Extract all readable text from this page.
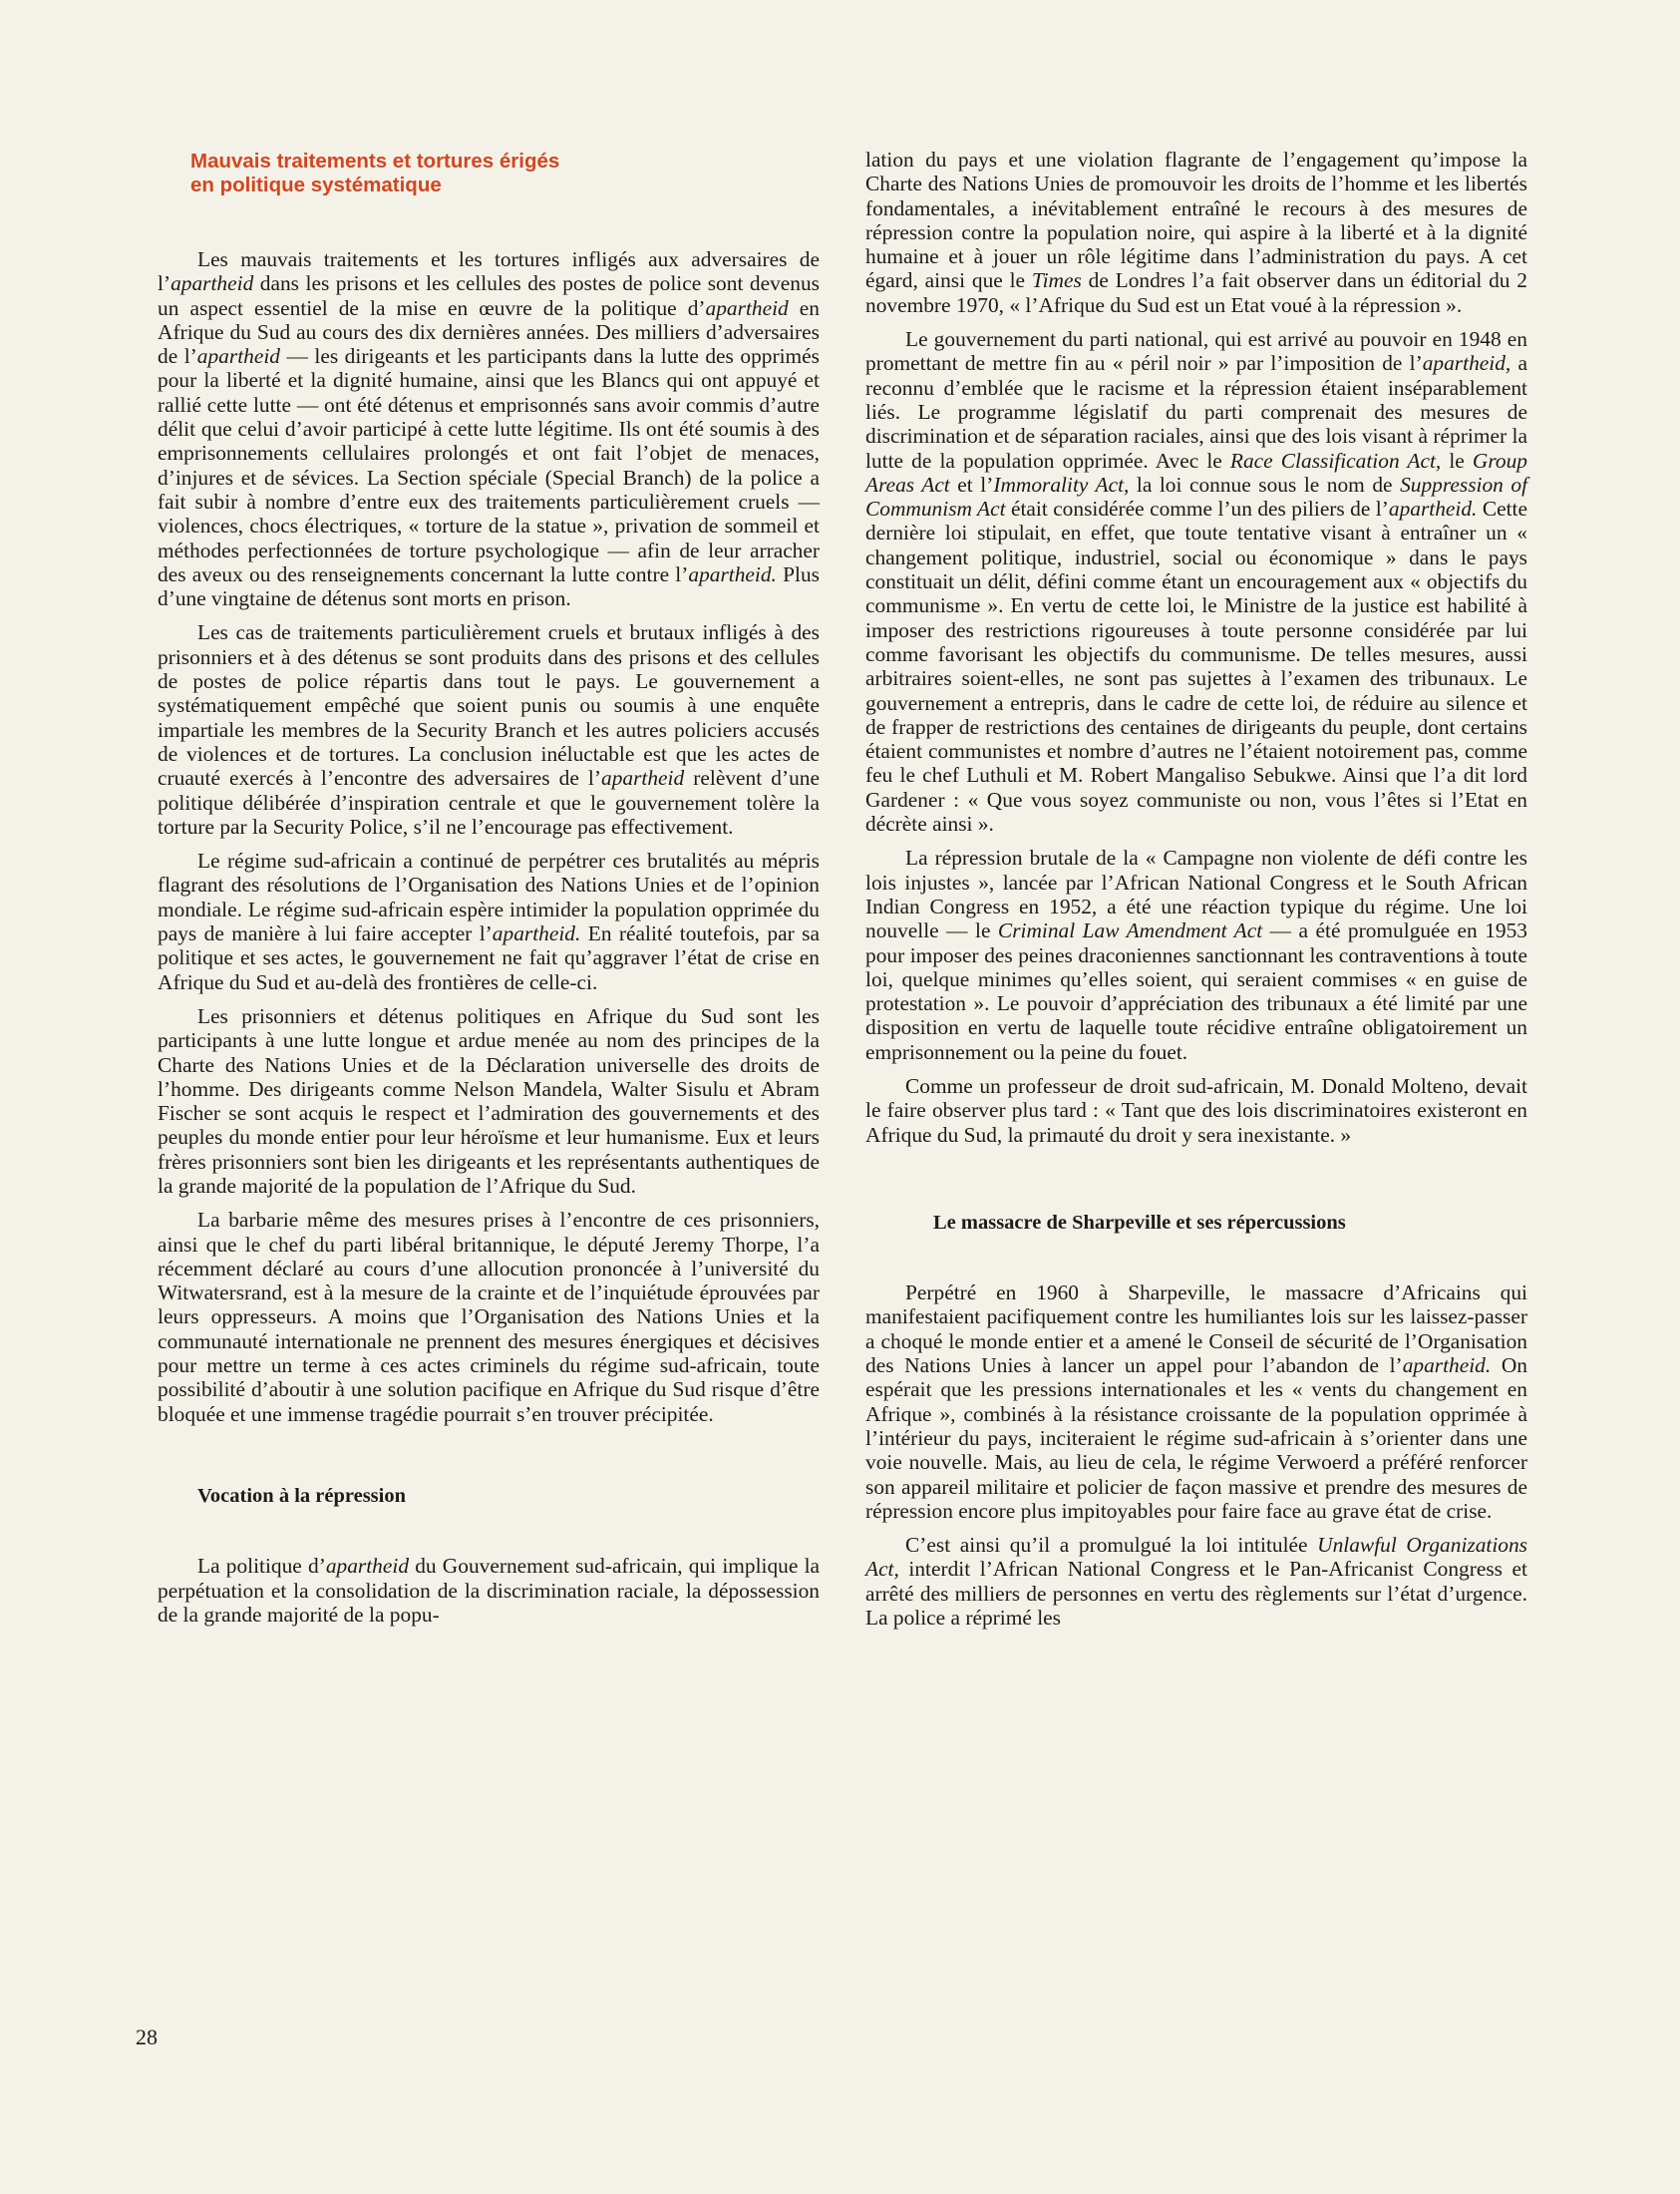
Mauvais traitements et tortures érigés
en politique systématique

Les mauvais traitements et les tortures infligés aux adversaires de l’apartheid dans les prisons et les cellules des postes de police sont devenus un aspect essentiel de la mise en œuvre de la politique d’apartheid en Afrique du Sud au cours des dix dernières années. Des milliers d’adversaires de l’apartheid — les dirigeants et les participants dans la lutte des opprimés pour la liberté et la dignité humaine, ainsi que les Blancs qui ont appuyé et rallié cette lutte — ont été détenus et emprisonnés sans avoir commis d’autre délit que celui d’avoir participé à cette lutte légitime. Ils ont été soumis à des emprisonnements cellulaires prolongés et ont fait l’objet de menaces, d’injures et de sévices. La Section spéciale (Special Branch) de la police a fait subir à nombre d’entre eux des traitements particulièrement cruels — violences, chocs électriques, « torture de la statue », privation de sommeil et méthodes perfectionnées de torture psychologique — afin de leur arracher des aveux ou des renseignements concernant la lutte contre l’apartheid. Plus d’une vingtaine de détenus sont morts en prison.

Les cas de traitements particulièrement cruels et brutaux infligés à des prisonniers et à des détenus se sont produits dans des prisons et des cellules de postes de police répartis dans tout le pays. Le gouvernement a systématiquement empêché que soient punis ou soumis à une enquête impartiale les membres de la Security Branch et les autres policiers accusés de violences et de tortures. La conclusion inéluctable est que les actes de cruauté exercés à l’encontre des adversaires de l’apartheid relèvent d’une politique délibérée d’inspiration centrale et que le gouvernement tolère la torture par la Security Police, s’il ne l’encourage pas effectivement.

Le régime sud-africain a continué de perpétrer ces brutalités au mépris flagrant des résolutions de l’Organisation des Nations Unies et de l’opinion mondiale. Le régime sud-africain espère intimider la population opprimée du pays de manière à lui faire accepter l’apartheid. En réalité toutefois, par sa politique et ses actes, le gouvernement ne fait qu’aggraver l’état de crise en Afrique du Sud et au-delà des frontières de celle-ci.

Les prisonniers et détenus politiques en Afrique du Sud sont les participants à une lutte longue et ardue menée au nom des principes de la Charte des Nations Unies et de la Déclaration universelle des droits de l’homme. Des dirigeants comme Nelson Mandela, Walter Sisulu et Abram Fischer se sont acquis le respect et l’admiration des gouvernements et des peuples du monde entier pour leur héroïsme et leur humanisme. Eux et leurs frères prisonniers sont bien les dirigeants et les représentants authentiques de la grande majorité de la population de l’Afrique du Sud.

La barbarie même des mesures prises à l’encontre de ces prisonniers, ainsi que le chef du parti libéral britannique, le député Jeremy Thorpe, l’a récemment déclaré au cours d’une allocution prononcée à l’université du Witwatersrand, est à la mesure de la crainte et de l’inquiétude éprouvées par leurs oppresseurs. A moins que l’Organisation des Nations Unies et la communauté internationale ne prennent des mesures énergiques et décisives pour mettre un terme à ces actes criminels du régime sud-africain, toute possibilité d’aboutir à une solution pacifique en Afrique du Sud risque d’être bloquée et une immense tragédie pourrait s’en trouver précipitée.

Vocation à la répression

La politique d’apartheid du Gouvernement sud-africain, qui implique la perpétuation et la consolidation de la discrimination raciale, la dépossession de la grande majorité de la popu-

lation du pays et une violation flagrante de l’engagement qu’impose la Charte des Nations Unies de promouvoir les droits de l’homme et les libertés fondamentales, a inévitablement entraîné le recours à des mesures de répression contre la population noire, qui aspire à la liberté et à la dignité humaine et à jouer un rôle légitime dans l’administration du pays. A cet égard, ainsi que le Times de Londres l’a fait observer dans un éditorial du 2 novembre 1970, « l’Afrique du Sud est un Etat voué à la répression ».

Le gouvernement du parti national, qui est arrivé au pouvoir en 1948 en promettant de mettre fin au « péril noir » par l’imposition de l’apartheid, a reconnu d’emblée que le racisme et la répression étaient inséparablement liés. Le programme législatif du parti comprenait des mesures de discrimination et de séparation raciales, ainsi que des lois visant à réprimer la lutte de la population opprimée. Avec le Race Classification Act, le Group Areas Act et l’Immorality Act, la loi connue sous le nom de Suppression of Communism Act était considérée comme l’un des piliers de l’apartheid. Cette dernière loi stipulait, en effet, que toute tentative visant à entraîner un « changement politique, industriel, social ou économique » dans le pays constituait un délit, défini comme étant un encouragement aux « objectifs du communisme ». En vertu de cette loi, le Ministre de la justice est habilité à imposer des restrictions rigoureuses à toute personne considérée par lui comme favorisant les objectifs du communisme. De telles mesures, aussi arbitraires soient-elles, ne sont pas sujettes à l’examen des tribunaux. Le gouvernement a entrepris, dans le cadre de cette loi, de réduire au silence et de frapper de restrictions des centaines de dirigeants du peuple, dont certains étaient communistes et nombre d’autres ne l’étaient notoirement pas, comme feu le chef Luthuli et M. Robert Mangaliso Sebukwe. Ainsi que l’a dit lord Gardener : « Que vous soyez communiste ou non, vous l’êtes si l’Etat en décrète ainsi ».

La répression brutale de la « Campagne non violente de défi contre les lois injustes », lancée par l’African National Congress et le South African Indian Congress en 1952, a été une réaction typique du régime. Une loi nouvelle — le Criminal Law Amendment Act — a été promulguée en 1953 pour imposer des peines draconiennes sanctionnant les contraventions à toute loi, quelque minimes qu’elles soient, qui seraient commises « en guise de protestation ». Le pouvoir d’appréciation des tribunaux a été limité par une disposition en vertu de laquelle toute récidive entraîne obligatoirement un emprisonnement ou la peine du fouet.

Comme un professeur de droit sud-africain, M. Donald Molteno, devait le faire observer plus tard : « Tant que des lois discriminatoires existeront en Afrique du Sud, la primauté du droit y sera inexistante. »

Le massacre de Sharpeville et ses répercussions

Perpétré en 1960 à Sharpeville, le massacre d’Africains qui manifestaient pacifiquement contre les humiliantes lois sur les laissez-passer a choqué le monde entier et a amené le Conseil de sécurité de l’Organisation des Nations Unies à lancer un appel pour l’abandon de l’apartheid. On espérait que les pressions internationales et les « vents du changement en Afrique », combinés à la résistance croissante de la population opprimée à l’intérieur du pays, inciteraient le régime sud-africain à s’orienter dans une voie nouvelle. Mais, au lieu de cela, le régime Verwoerd a préféré renforcer son appareil militaire et policier de façon massive et prendre des mesures de répression encore plus impitoyables pour faire face au grave état de crise.

C’est ainsi qu’il a promulgué la loi intitulée Unlawful Organizations Act, interdit l’African National Congress et le Pan-Africanist Congress et arrêté des milliers de personnes en vertu des règlements sur l’état d’urgence. La police a réprimé les

28
